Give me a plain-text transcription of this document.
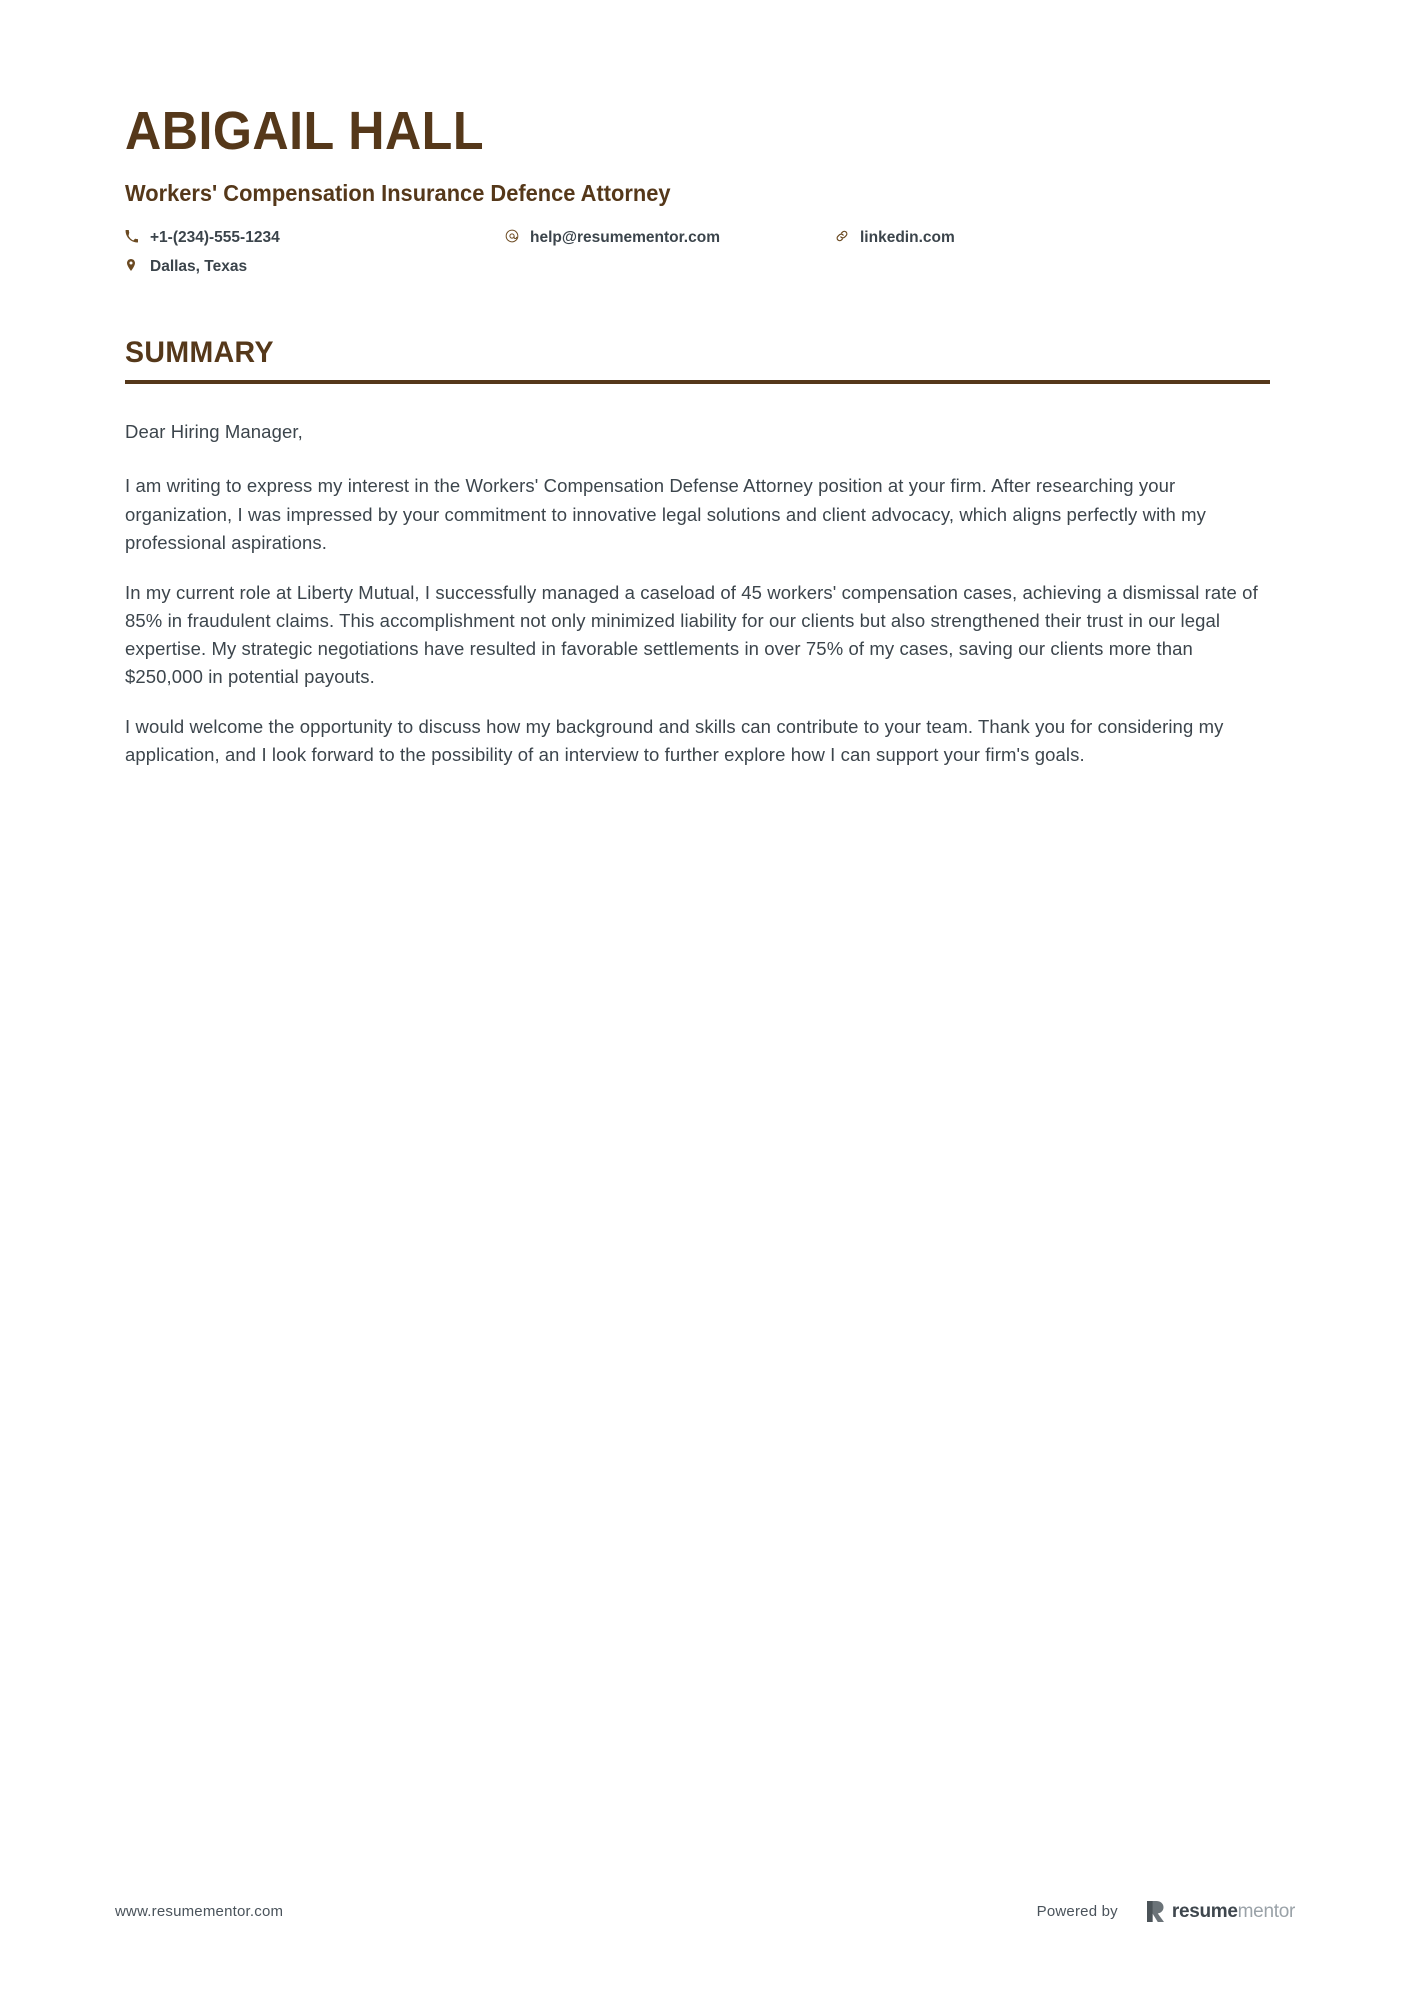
ABIGAIL HALL
Workers' Compensation Insurance Defence Attorney
+1-(234)-555-1234	help@resumementor.com	linkedin.com
Dallas, Texas
SUMMARY

Dear Hiring Manager,

I am writing to express my interest in the Workers' Compensation Defense Attorney position at your firm. After researching your organization, I was impressed by your commitment to innovative legal solutions and client advocacy, which aligns perfectly with my professional aspirations.

In my current role at Liberty Mutual, I successfully managed a caseload of 45 workers' compensation cases, achieving a dismissal rate of 85% in fraudulent claims. This accomplishment not only minimized liability for our clients but also strengthened their trust in our legal expertise. My strategic negotiations have resulted in favorable settlements in over 75% of my cases, saving our clients more than $250,000 in potential payouts.

I would welcome the opportunity to discuss how my background and skills can contribute to your team. Thank you for considering my application, and I look forward to the possibility of an interview to further explore how I can support your firm's goals.

www.resumementor.com	Powered by	resumementor
